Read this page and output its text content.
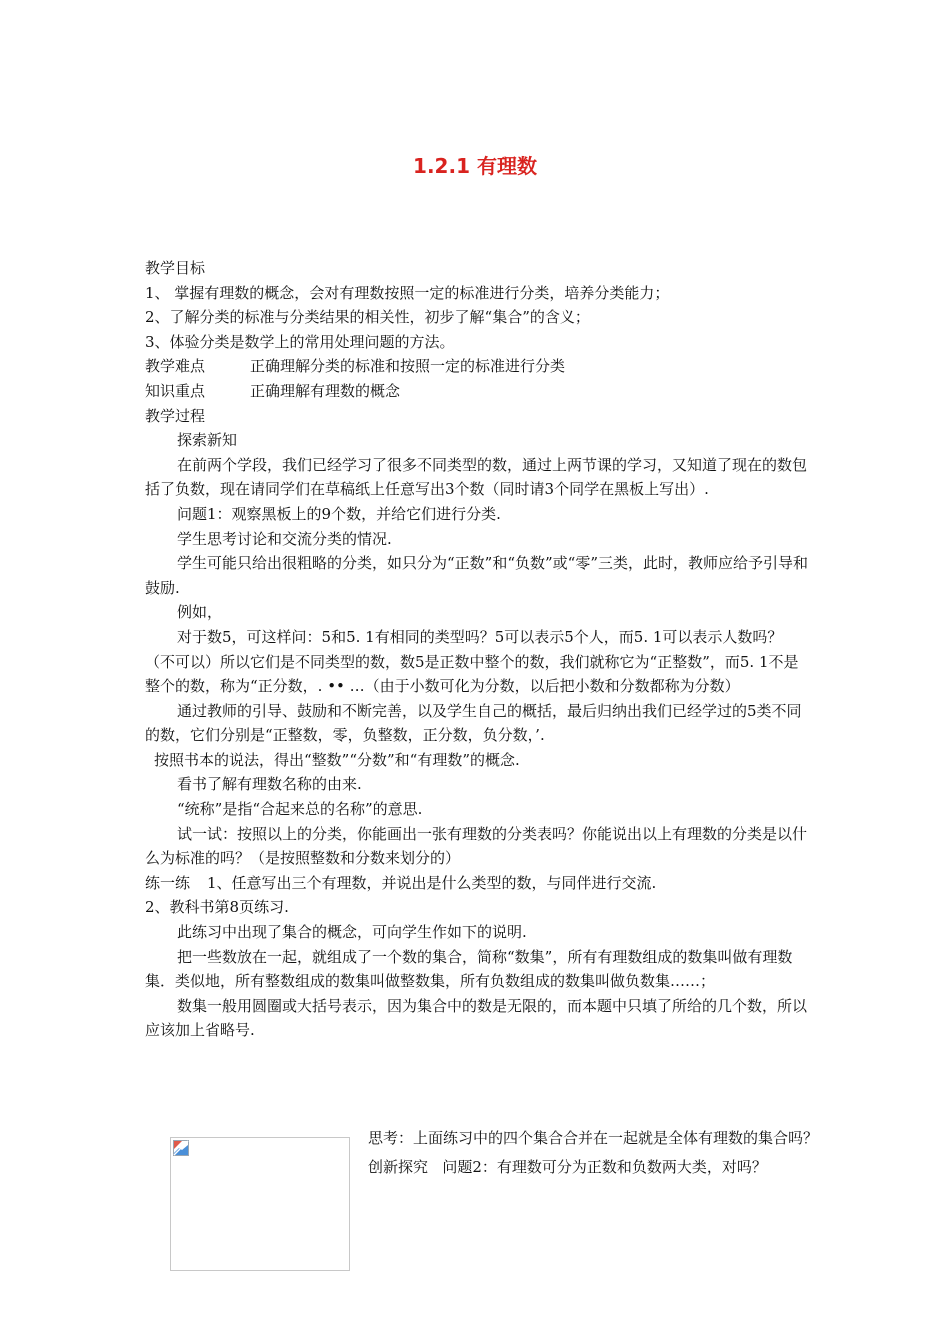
1.2.1 有理数

教学目标

1、 掌握有理数的概念，会对有理数按照一定的标准进行分类，培养分类能力；

2、了解分类的标准与分类结果的相关性，初步了解“集合”的含义；

3、体验分类是数学上的常用处理问题的方法。

教学难点	正确理解分类的标准和按照一定的标准进行分类

知识重点	正确理解有理数的概念

教学过程

探索新知

在前两个学段，我们已经学习了很多不同类型的数，通过上两节课的学习，又知道了现在的数包括了负数，现在请同学们在草稿纸上任意写出3个数（同时请3个同学在黑板上写出）.

问题1：观察黑板上的9个数，并给它们进行分类.

学生思考讨论和交流分类的情况.

学生可能只给出很粗略的分类，如只分为“正数”和“负数”或“零”三类，此时，教师应给予引导和鼓励.

例如，

对于数5，可这样问：5和5. 1有相同的类型吗？5可以表示5个人，而5. 1可以表示人数吗？（不可以）所以它们是不同类型的数，数5是正数中整个的数，我们就称它为“正整数”，而5. 1不是整个的数，称为“正分数，. •• …（由于小数可化为分数，以后把小数和分数都称为分数）

通过教师的引导、鼓励和不断完善，以及学生自己的概括，最后归纳出我们已经学过的5类不同的数，它们分别是“正整数，零，负整数，正分数，负分数，’.

按照书本的说法，得出“整数”“分数”和“有理数”的概念.

看书了解有理数名称的由来.

“统称”是指“合起来总的名称”的意思.

试一试：按照以上的分类，你能画出一张有理数的分类表吗？你能说出以上有理数的分类是以什么为标准的吗？（是按照整数和分数来划分的）

练一练 1、任意写出三个有理数，并说出是什么类型的数，与同伴进行交流.

2、教科书第8页练习.

此练习中出现了集合的概念，可向学生作如下的说明.

把一些数放在一起，就组成了一个数的集合，简称“数集”，所有有理数组成的数集叫做有理数集．类似地，所有整数组成的数集叫做整数集，所有负数组成的数集叫做负数集……；

数集一般用圆圈或大括号表示，因为集合中的数是无限的，而本题中只填了所给的几个数，所以应该加上省略号.

思考：上面练习中的四个集合合并在一起就是全体有理数的集合吗？

创新探究 问题2：有理数可分为正数和负数两大类，对吗？
